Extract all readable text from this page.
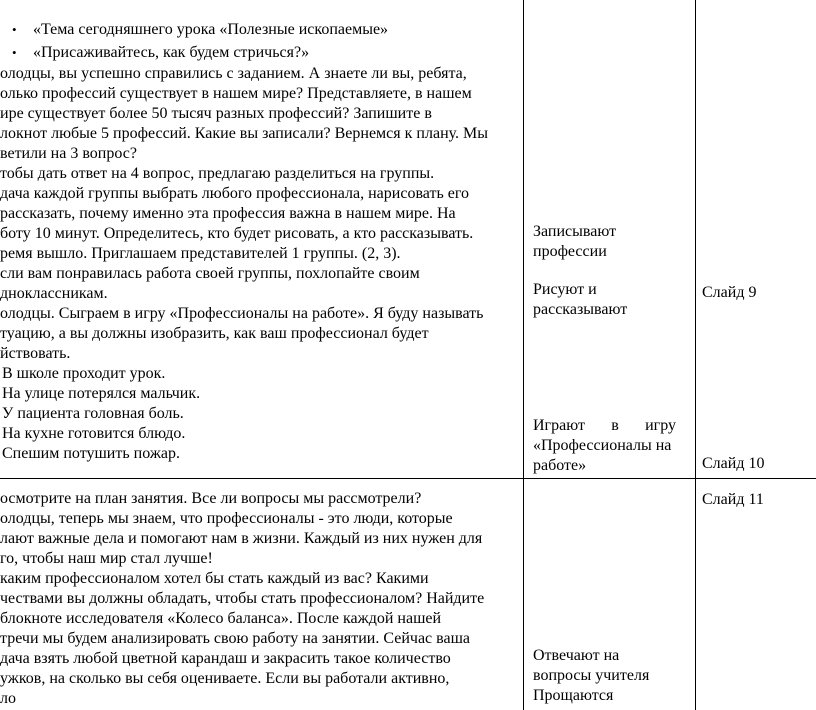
• «Тема сегодняшнего урока «Полезные ископаемые»
• «Присаживайтесь, как будем стричься?»
олодцы, вы успешно справились с заданием. А знаете ли вы, ребята,
олько профессий существует в нашем мире? Представляете, в нашем
ире существует более 50 тысяч разных профессий? Запишите в
локнот любые 5 профессий. Какие вы записали? Вернемся к плану. Мы
ветили на 3 вопрос?
тобы дать ответ на 4 вопрос, предлагаю разделиться на группы.
дача каждой группы выбрать любого профессионала, нарисовать его
рассказать, почему именно эта профессия важна в нашем мире. На
боту 10 минут. Определитесь, кто будет рисовать, а кто рассказывать.
ремя вышло. Приглашаем представителей 1 группы. (2, 3).
сли вам понравилась работа своей группы, похлопайте своим
дноклассникам.
олодцы. Сыграем в игру «Профессионалы на работе». Я буду называть
туацию, а вы должны изобразить, как ваш профессионал будет
йствовать.
В школе проходит урок.
На улице потерялся мальчик.
У пациента головная боль.
На кухне готовится блюдо.
Спешим потушить пожар.
Записывают
профессии
Рисуют и
рассказывают
Играют в игру
«Профессионалы на
работе»
Слайд 9
Слайд 10
осмотрите на план занятия. Все ли вопросы мы рассмотрели?
олодцы, теперь мы знаем, что профессионалы - это люди, которые
лают важные дела и помогают нам в жизни. Каждый из них нужен для
го, чтобы наш мир стал лучше!
каким профессионалом хотел бы стать каждый из вас? Какими
чествами вы должны обладать, чтобы стать профессионалом? Найдите
блокноте исследователя «Колесо баланса». После каждой нашей
тречи мы будем анализировать свою работу на занятии. Сейчас ваша
дача взять любой цветной карандаш и закрасить такое количество
ужков, на сколько вы себя оцениваете. Если вы работали активно,
ло
Отвечают на
вопросы учителя
Прощаются
Слайд 11
